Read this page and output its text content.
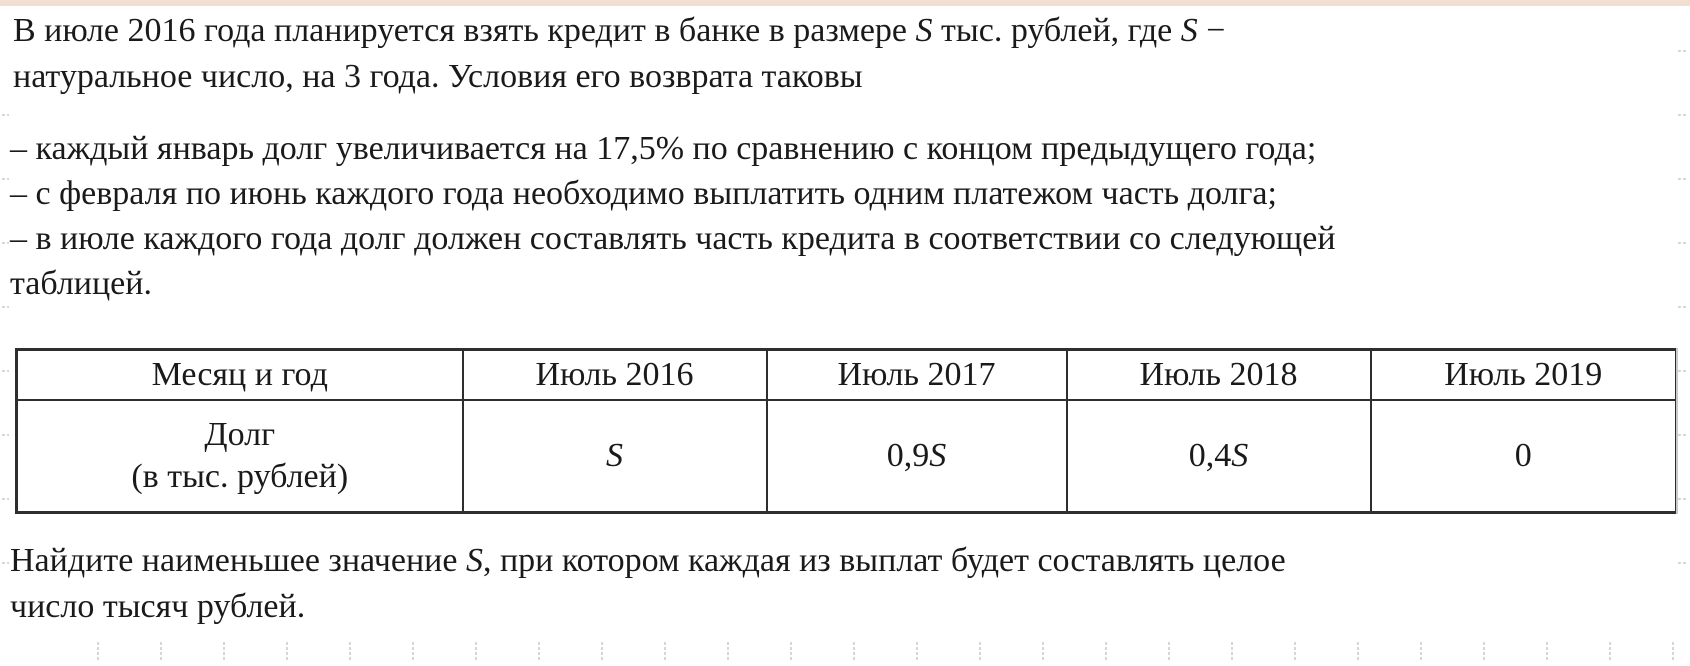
В июле 2016 года планируется взять кредит в банке в размере S тыс. рублей, где S −
натуральное число, на 3 года. Условия его возврата таковы
– каждый январь долг увеличивается на 17,5% по сравнению с концом предыдущего года;
– с февраля по июнь каждого года необходимо выплатить одним платежом часть долга;
– в июле каждого года долг должен составлять часть кредита в соответствии со следующей
таблицей.
Месяц и год	Июль 2016	Июль 2017	Июль 2018	Июль 2019

Долг
(в тыс. рублей)	S	0,9S	0,4S	0
Найдите наименьшее значение S, при котором каждая из выплат будет составлять целое
число тысяч рублей.
